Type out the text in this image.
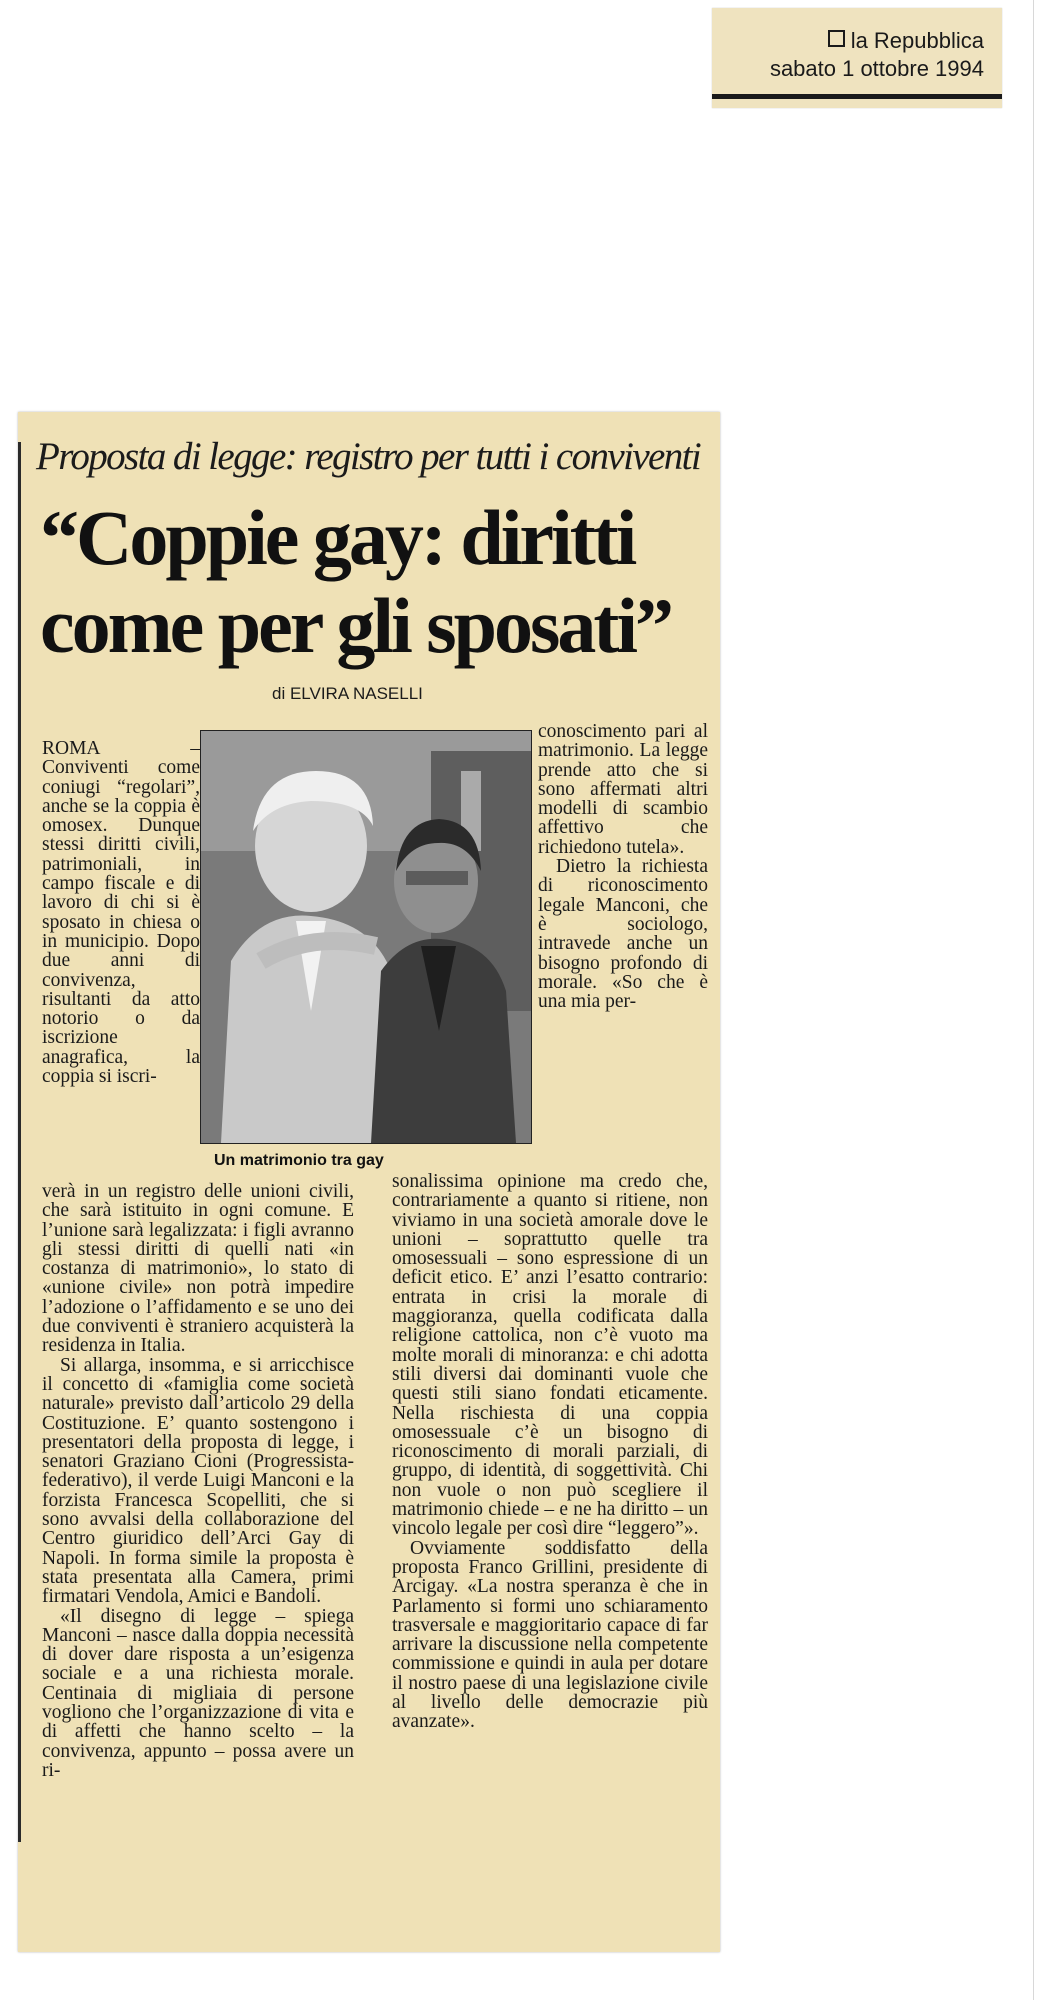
la Repubblica
sabato 1 ottobre 1994
Proposta di legge: registro per tutti i conviventi
“Coppie gay: diritti come per gli sposati”
di ELVIRA NASELLI
Un matrimonio tra gay

ROMA – Conviventi come coniugi “regolari”, anche se la coppia è omosex. Dunque stessi diritti civili, patrimoniali, in campo fiscale e di lavoro di chi si è sposato in chiesa o in municipio. Dopo due anni di convivenza, risultanti da atto notorio o da iscrizione anagrafica, la coppia si iscri-

verà in un registro delle unioni civili, che sarà istituito in ogni comune. E l’unione sarà legalizzata: i figli avranno gli stessi diritti di quelli nati «in costanza di matrimonio», lo stato di «unione civile» non potrà impedire l’adozione o l’affidamento e se uno dei due conviventi è straniero acquisterà la residenza in Italia.

Si allarga, insomma, e si arricchisce il concetto di «famiglia come società naturale» previsto dall’articolo 29 della Costituzione. E’ quanto sostengono i presentatori della proposta di legge, i senatori Graziano Cioni (Progressista-federativo), il verde Luigi Manconi e la forzista Francesca Scopelliti, che si sono avvalsi della collaborazione del Centro giuridico dell’Arci Gay di Napoli. In forma simile la proposta è stata presentata alla Camera, primi firmatari Vendola, Amici e Bandoli.

«Il disegno di legge – spiega Manconi – nasce dalla doppia necessità di dover dare risposta a un’esigenza sociale e a una richiesta morale. Centinaia di migliaia di persone vogliono che l’organizzazione di vita e di affetti che hanno scelto – la convivenza, appunto – possa avere un ri-

conoscimento pari al matrimonio. La legge prende atto che si sono affermati altri modelli di scambio affettivo che richiedono tutela».

Dietro la richiesta di riconoscimento legale Manconi, che è sociologo, intravede anche un bisogno profondo di morale. «So che è una mia per-

sonalissima opinione ma credo che, contrariamente a quanto si ritiene, non viviamo in una società amorale dove le unioni – soprattutto quelle tra omosessuali – sono espressione di un deficit etico. E’ anzi l’esatto contrario: entrata in crisi la morale di maggioranza, quella codificata dalla religione cattolica, non c’è vuoto ma molte morali di minoranza: e chi adotta stili diversi dai dominanti vuole che questi stili siano fondati eticamente. Nella rischiesta di una coppia omosessuale c’è un bisogno di riconoscimento di morali parziali, di gruppo, di identità, di soggettività. Chi non vuole o non può scegliere il matrimonio chiede – e ne ha diritto – un vincolo legale per così dire “leggero”».

Ovviamente soddisfatto della proposta Franco Grillini, presidente di Arcigay. «La nostra speranza è che in Parlamento si formi uno schiaramento trasversale e maggioritario capace di far arrivare la discussione nella competente commissione e quindi in aula per dotare il nostro paese di una legislazione civile al livello delle democrazie più avanzate».
